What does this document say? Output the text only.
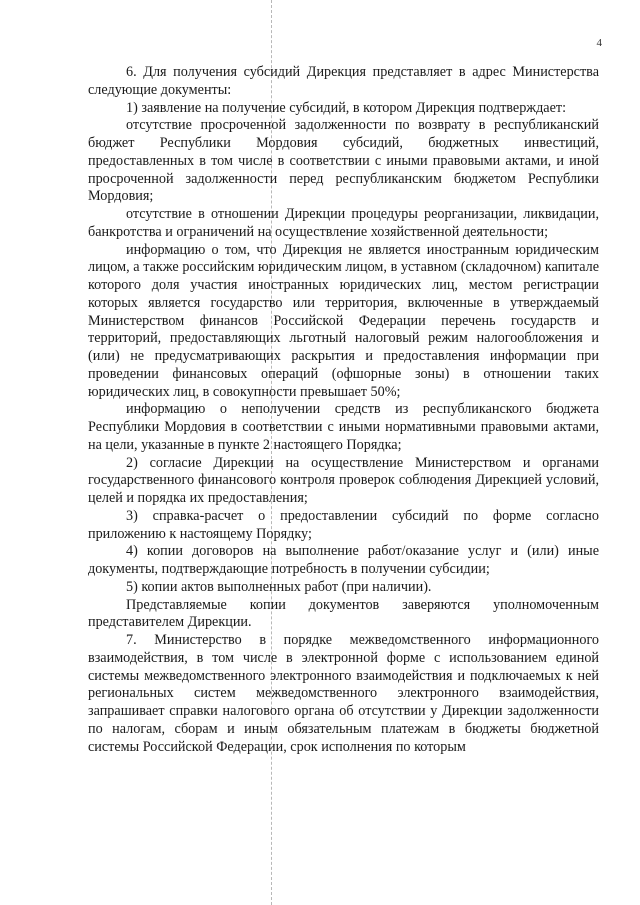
4

6. Для получения субсидий Дирекция представляет в адрес Министерства следующие документы:

1) заявление на получение субсидий, в котором Дирекция подтверждает:

отсутствие просроченной задолженности по возврату в республиканский бюджет Республики Мордовия субсидий, бюджетных инвестиций, предоставленных в том числе в соответствии с иными правовыми актами, и иной просроченной задолженности перед республиканским бюджетом Республики Мордовия;

отсутствие в отношении Дирекции процедуры реорганизации, ликвидации, банкротства и ограничений на осуществление хозяйственной деятельности;

информацию о том, что Дирекция не является иностранным юридическим лицом, а также российским юридическим лицом, в уставном (складочном) капитале которого доля участия иностранных юридических лиц, местом регистрации которых является государство или территория, включенные в утверждаемый Министерством финансов Российской Федерации перечень государств и территорий, предоставляющих льготный налоговый режим налогообложения и (или) не предусматривающих раскрытия и предоставления информации при проведении финансовых операций (офшорные зоны) в отношении таких юридических лиц, в совокупности превышает 50%;

информацию о неполучении средств из республиканского бюджета Республики Мордовия в соответствии с иными нормативными правовыми актами, на цели, указанные в пункте 2 настоящего Порядка;

2) согласие Дирекции на осуществление Министерством и органами государственного финансового контроля проверок соблюдения Дирекцией условий, целей и порядка их предоставления;

3) справка-расчет о предоставлении субсидий по форме согласно приложению к настоящему Порядку;

4) копии договоров на выполнение работ/оказание услуг и (или) иные документы, подтверждающие потребность в получении субсидии;

5) копии актов выполненных работ (при наличии).

Представляемые копии документов заверяются уполномоченным представителем Дирекции.

7. Министерство в порядке межведомственного информационного взаимодействия, в том числе в электронной форме с использованием единой системы межведомственного электронного взаимодействия и подключаемых к ней региональных систем межведомственного электронного взаимодействия, запрашивает справки налогового органа об отсутствии у Дирекции задолженности по налогам, сборам и иным обязательным платежам в бюджеты бюджетной системы Российской Федерации, срок исполнения по которым
